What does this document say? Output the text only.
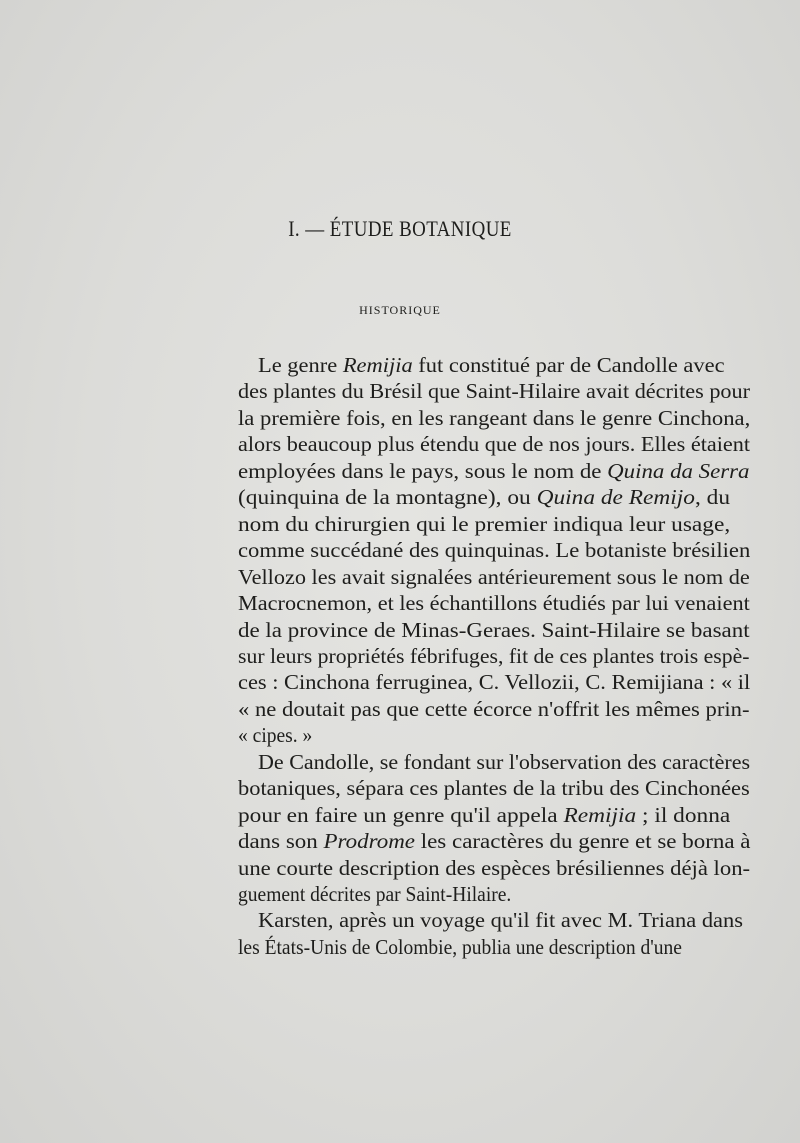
I. — ÉTUDE BOTANIQUE
HISTORIQUE
Le genre Remijia fut constitué par de Candolle avec
des plantes du Brésil que Saint-Hilaire avait décrites pour
la première fois, en les rangeant dans le genre Cinchona,
alors beaucoup plus étendu que de nos jours. Elles étaient
employées dans le pays, sous le nom de Quina da Serra
(quinquina de la montagne), ou Quina de Remijo, du
nom du chirurgien qui le premier indiqua leur usage,
comme succédané des quinquinas. Le botaniste brésilien
Vellozo les avait signalées antérieurement sous le nom de
Macrocnemon, et les échantillons étudiés par lui venaient
de la province de Minas-Geraes. Saint-Hilaire se basant
sur leurs propriétés fébrifuges, fit de ces plantes trois espè-
ces : Cinchona ferruginea, C. Vellozii, C. Remijiana : « il
« ne doutait pas que cette écorce n'offrit les mêmes prin-
« cipes. »
De Candolle, se fondant sur l'observation des caractères
botaniques, sépara ces plantes de la tribu des Cinchonées
pour en faire un genre qu'il appela Remijia ; il donna
dans son Prodrome les caractères du genre et se borna à
une courte description des espèces brésiliennes déjà lon-
guement décrites par Saint-Hilaire.
Karsten, après un voyage qu'il fit avec M. Triana dans
les États-Unis de Colombie, publia une description d'une
